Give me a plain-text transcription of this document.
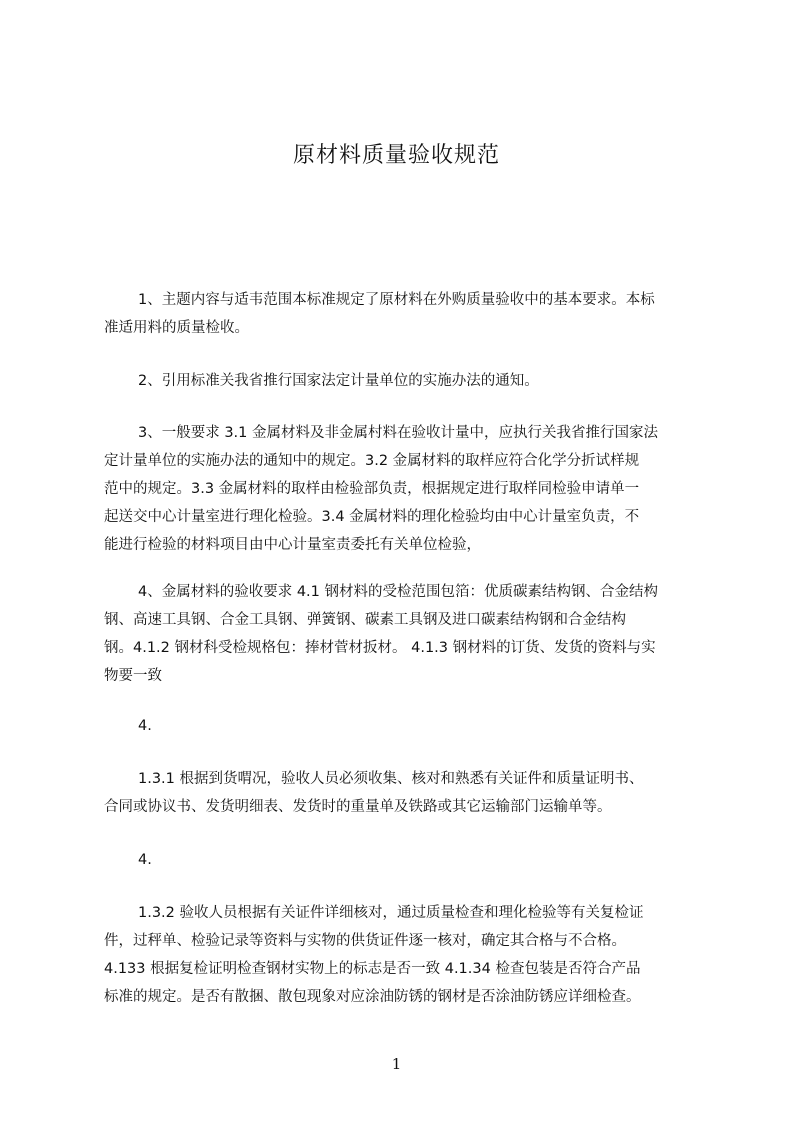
原材料质量验收规范
1、主题内容与适韦范围本标准规定了原材料在外购质量验收中的基本要求。本标
准适用料的质量检收。
2、引用标准关我省推行国家法定计量单位的实施办法的通知。
3、一般要求 3.1 金属材料及非金属村料在验收计量中，应执行关我省推行国家法
定计量单位的实施办法的通知中的规定。3.2 金属材料的取样应符合化学分折试样规
范中的规定。3.3 金属材料的取样由检验部负责，根据规定进行取样同检验申请单一
起送交中心计量室进行理化检验。3.4 金属材料的理化检验均由中心计量室负责，不
能进行检验的材料项目由中心计量室责委托有关单位检验，
4、金属材料的验收要求 4.1 钢材料的受检范围包箔：优质碳素结构钢、合金结构
钢、高速工具钢、合金工具钢、弹簧钢、碳素工具钢及进口碳素结构钢和合金结构
钢。4.1.2 钢材科受检规格包：捧材菅材扳材。 4.1.3 钢材料的订货、发货的资料与实
物要一致
4.
1.3.1 根据到货喟况，验收人员必须收集、核对和熟悉有关证件和质量证明书、
合同或协议书、发货明细表、发货时的重量单及铁路或其它运输部门运输单等。
4.
1.3.2 验收人员根据有关证件详细核对，通过质量检查和理化检验等有关复检证
件，过秤单、检验记录等资料与实物的供货证件逐一核对，确定其合格与不合格。
4.133 根据复检证明检查钢材实物上的标志是否一致 4.1.34 检查包装是否符合产品
标准的规定。是否有散捆、散包现象对应涂油防锈的钢材是否涂油防锈应详细检查。
1
